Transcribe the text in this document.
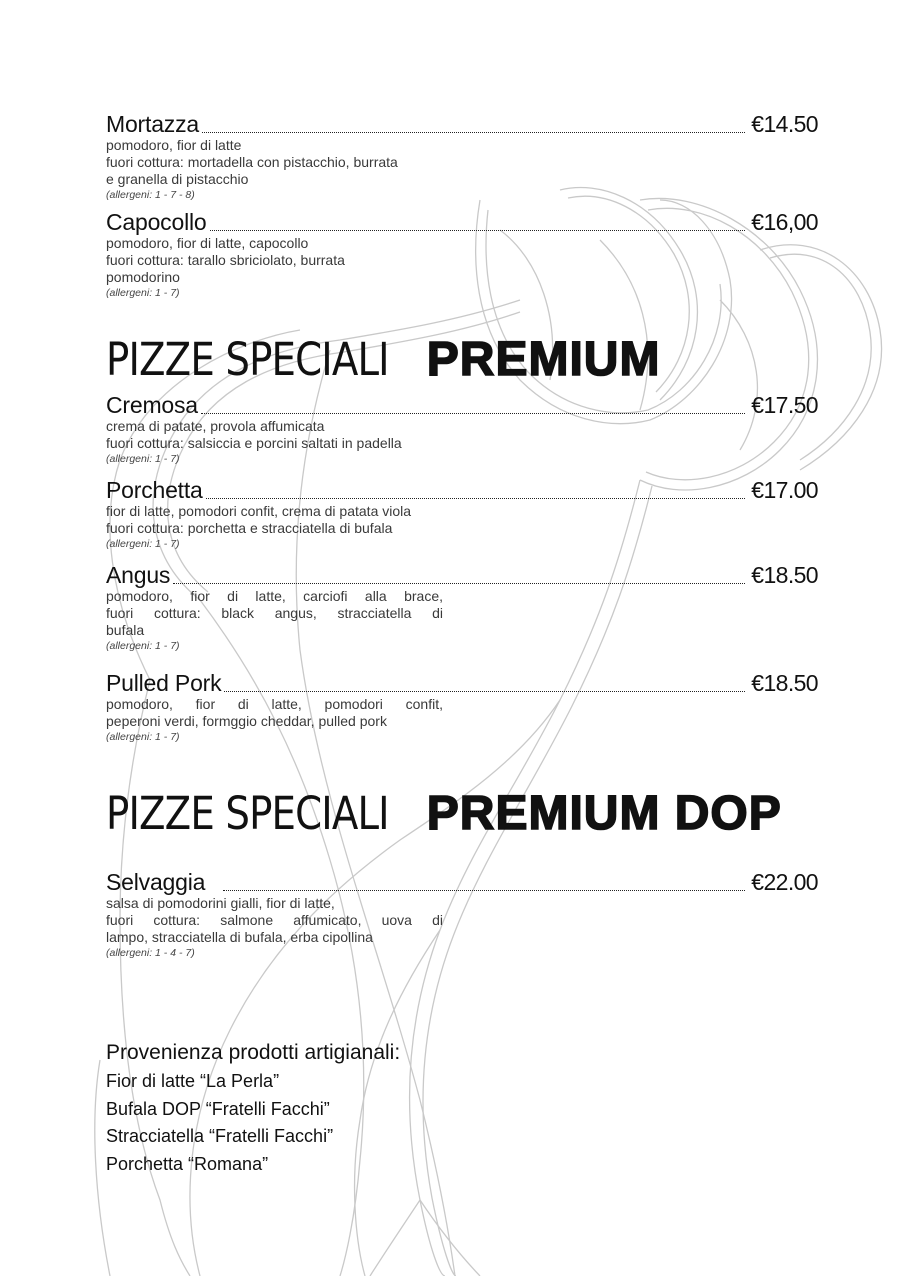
Mortazza	€14.50
pomodoro, fior di latte
fuori cottura: mortadella con pistacchio, burrata
e granella di pistacchio
(allergeni: 1 - 7 - 8)
Capocollo	€16,00
pomodoro, fior di latte, capocollo
fuori cottura: tarallo sbriciolato, burrata
pomodorino
(allergeni: 1 - 7)
PIZZE SPECIALI PREMIUM
Cremosa	€17.50
crema di patate, provola affumicata
fuori cottura: salsiccia e porcini saltati in padella
(allergeni: 1 - 7)
Porchetta	€17.00
fior di latte, pomodori confit, crema di patata viola
fuori cottura: porchetta e stracciatella di bufala
(allergeni: 1 - 7)
Angus	€18.50
pomodoro, fior di latte, carciofi alla brace,
fuori cottura: black angus, stracciatella di
bufala
(allergeni: 1 - 7)
Pulled Pork	€18.50
pomodoro, fior di latte, pomodori confit,
peperoni verdi, formggio cheddar, pulled pork
(allergeni: 1 - 7)
PIZZE SPECIALI PREMIUM DOP
Selvaggia	€22.00
salsa di pomodorini gialli, fior di latte,
fuori cottura: salmone affumicato, uova di
lampo, stracciatella di bufala, erba cipollina
(allergeni: 1 - 4 - 7)
Provenienza prodotti artigianali:
Fior di latte “La Perla”
Bufala DOP “Fratelli Facchi”
Stracciatella “Fratelli Facchi”
Porchetta “Romana”
